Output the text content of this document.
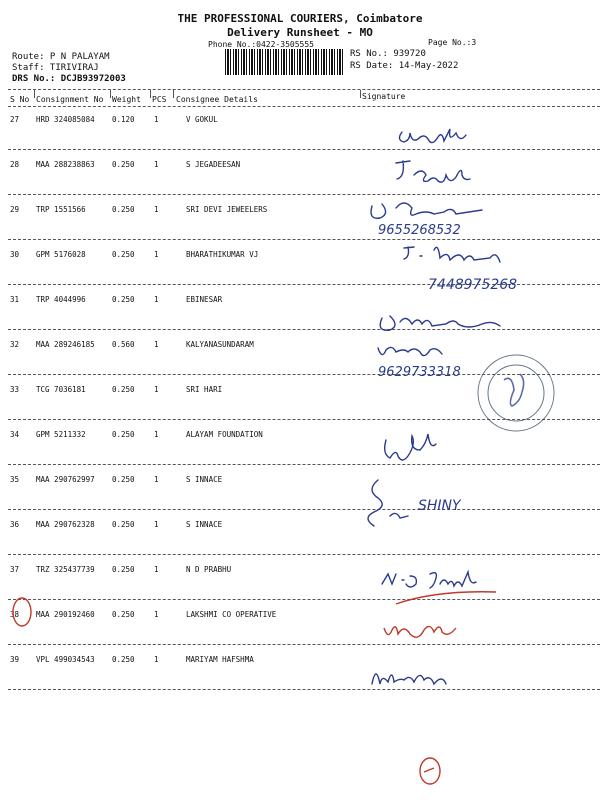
THE PROFESSIONAL COURIERS, Coimbatore
Delivery Runsheet - MO
Phone No.:0422-3505555	Page No.:3
Route: P N PALAYAM
Staff: TIRIVIRAJ
DRS No.: DCJB93972003
RS No.: 939720
RS Date: 14-May-2022
S No Consignment No Weight PCS Consignee Details	Signature
27 HRD 324085084 0.120	1	V GOKUL
28 MAA 288238863 0.250	1	S JEGADEESAN
29 TRP 1551566	0.250	1	SRI DEVI JEWEELERS
30 GPM 5176028	0.250	1	BHARATHIKUMAR VJ
31 TRP 4044996	0.250	1	EBINESAR
32 MAA 289246185 0.560	1	KALYANASUNDARAM
33 TCG 7036181	0.250	1	SRI HARI
34 GPM 5211332	0.250	1	ALAYAM FOUNDATION
35 MAA 290762997 0.250	1	S INNACE
36 MAA 290762328 0.250	1	S INNACE
37 TRZ 325437739 0.250	1	N D PRABHU
38 MAA 290192460 0.250	1	LAKSHMI CO OPERATIVE
39 VPL 499034543 0.250	1	MARIYAM HAFSHMA
9655268532
7448975268
9629733318
SHINY
